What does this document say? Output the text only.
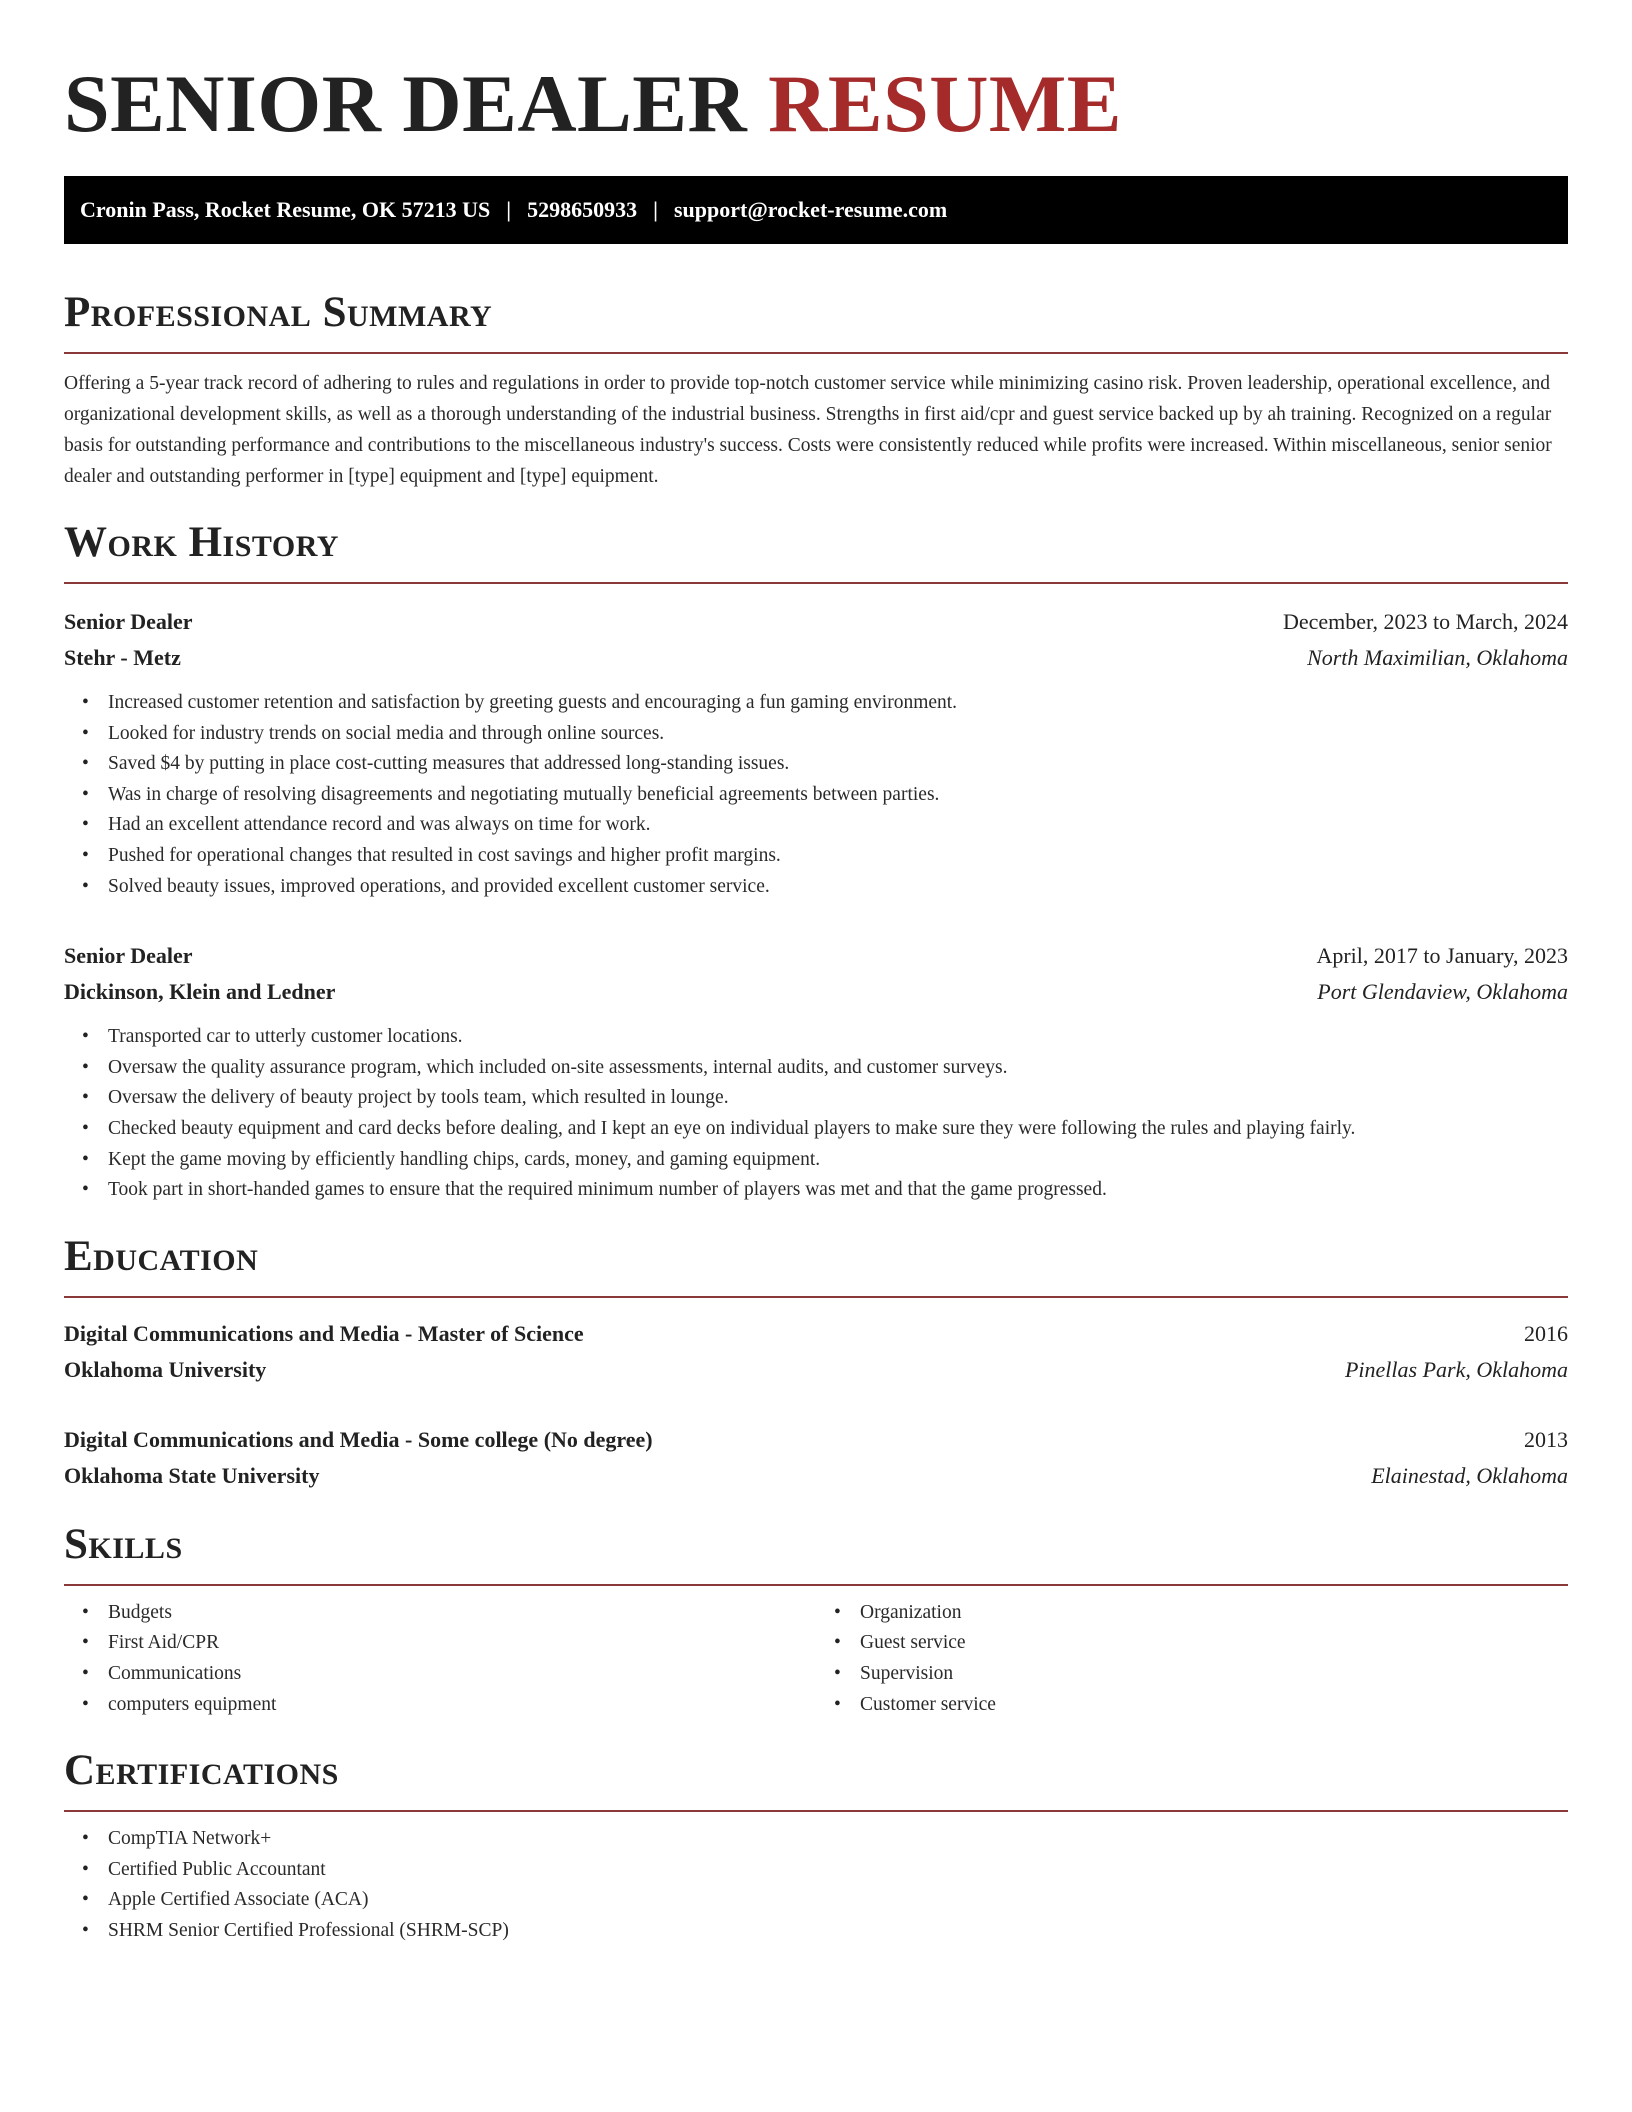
SENIOR DEALER RESUME
Cronin Pass, Rocket Resume, OK 57213 US | 5298650933 | support@rocket-resume.com
Professional Summary

Offering a 5-year track record of adhering to rules and regulations in order to provide top-notch customer service while minimizing casino risk. Proven leadership, operational excellence, and organizational development skills, as well as a thorough understanding of the industrial business. Strengths in first aid/cpr and guest service backed up by ah training. Recognized on a regular basis for outstanding performance and contributions to the miscellaneous industry's success. Costs were consistently reduced while profits were increased. Within miscellaneous, senior senior dealer and outstanding performer in [type] equipment and [type] equipment.

Work History
Senior Dealer	December, 2023 to March, 2024
Stehr - Metz	North Maximilian, Oklahoma
• Increased customer retention and satisfaction by greeting guests and encouraging a fun gaming environment.
• Looked for industry trends on social media and through online sources.
• Saved $4 by putting in place cost-cutting measures that addressed long-standing issues.
• Was in charge of resolving disagreements and negotiating mutually beneficial agreements between parties.
• Had an excellent attendance record and was always on time for work.
• Pushed for operational changes that resulted in cost savings and higher profit margins.
• Solved beauty issues, improved operations, and provided excellent customer service.
Senior Dealer	April, 2017 to January, 2023
Dickinson, Klein and Ledner	Port Glendaview, Oklahoma
• Transported car to utterly customer locations.
• Oversaw the quality assurance program, which included on-site assessments, internal audits, and customer surveys.
• Oversaw the delivery of beauty project by tools team, which resulted in lounge.
• Checked beauty equipment and card decks before dealing, and I kept an eye on individual players to make sure they were following the rules and playing fairly.
• Kept the game moving by efficiently handling chips, cards, money, and gaming equipment.
• Took part in short-handed games to ensure that the required minimum number of players was met and that the game progressed.
Education
Digital Communications and Media - Master of Science	2016
Oklahoma University	Pinellas Park, Oklahoma
Digital Communications and Media - Some college (No degree)	2013
Oklahoma State University	Elainestad, Oklahoma
Skills
• Budgets
• First Aid/CPR
• Communications
• computers equipment
• Organization
• Guest service
• Supervision
• Customer service
Certifications
• CompTIA Network+
• Certified Public Accountant
• Apple Certified Associate (ACA)
• SHRM Senior Certified Professional (SHRM-SCP)
